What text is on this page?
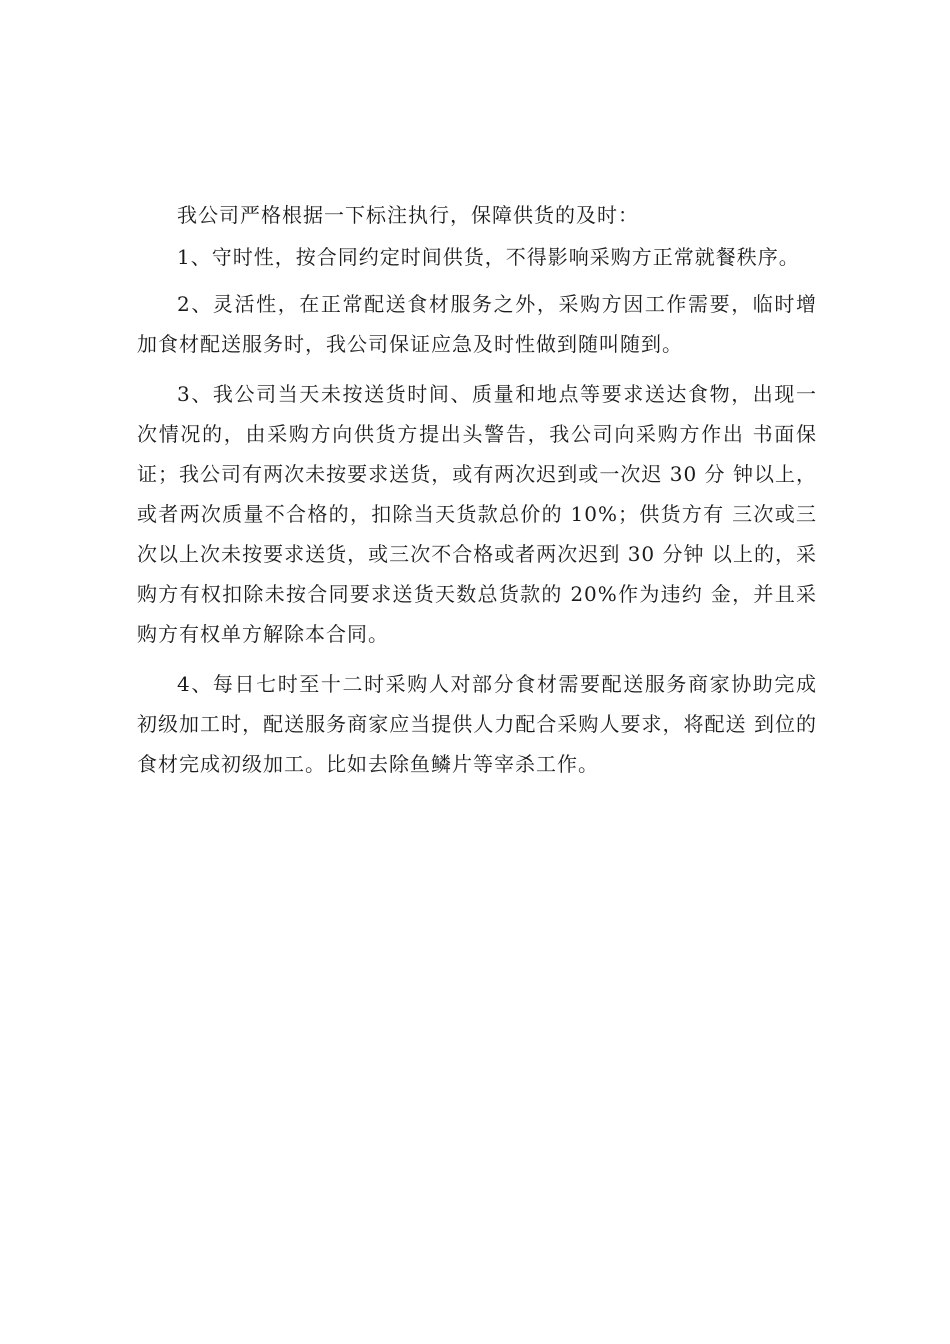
我公司严格根据一下标注执行，保障供货的及时：

1、守时性，按合同约定时间供货，不得影响采购方正常就餐秩序。

2、灵活性，在正常配送食材服务之外，采购方因工作需要，临时增加食材配送服务时，我公司保证应急及时性做到随叫随到。

3、我公司当天未按送货时间、质量和地点等要求送达食物，出现一次情况的，由采购方向供货方提出头警告，我公司向采购方作出 书面保证；我公司有两次未按要求送货，或有两次迟到或一次迟 30 分 钟以上，或者两次质量不合格的，扣除当天货款总价的 10%；供货方有 三次或三次以上次未按要求送货，或三次不合格或者两次迟到 30 分钟 以上的，采购方有权扣除未按合同要求送货天数总货款的 20%作为违约 金，并且采购方有权单方解除本合同。

4、每日七时至十二时采购人对部分食材需要配送服务商家协助完成初级加工时，配送服务商家应当提供人力配合采购人要求，将配送 到位的食材完成初级加工。比如去除鱼鳞片等宰杀工作。
